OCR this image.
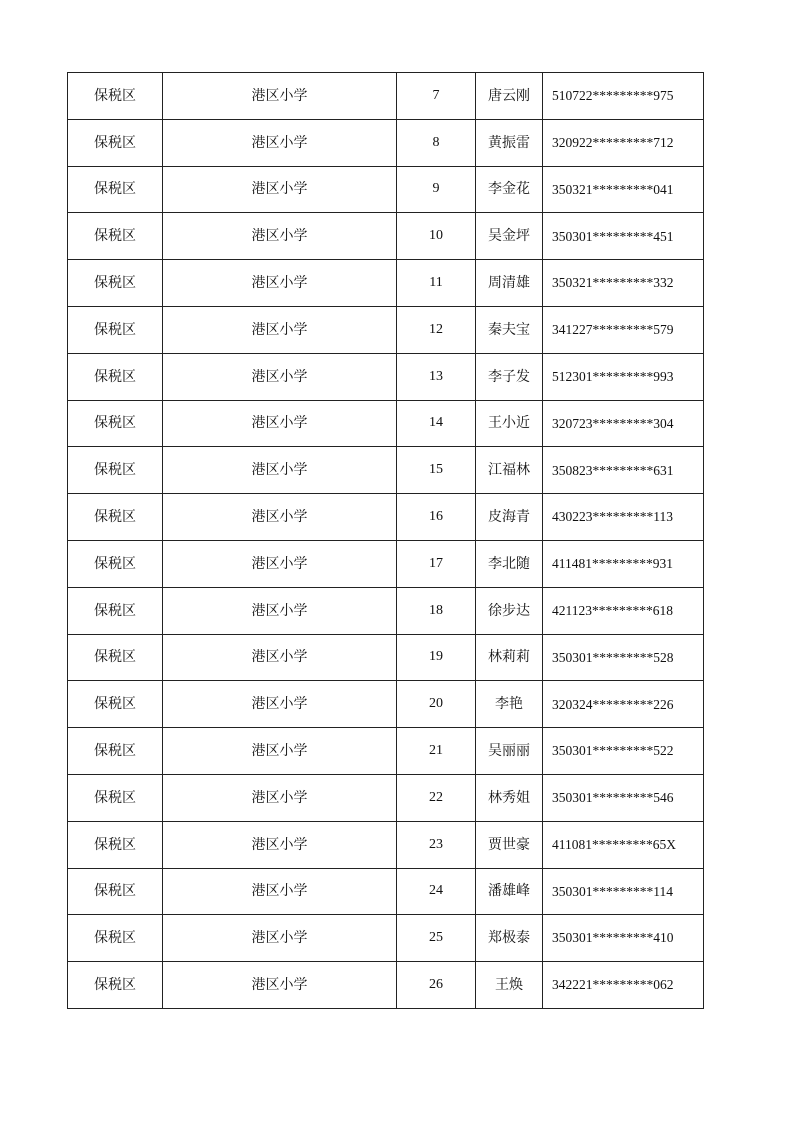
保税区	港区小学	7	唐云刚	510722*********975
保税区	港区小学	8	黄振雷	320922*********712
保税区	港区小学	9	李金花	350321*********041
保税区	港区小学	10	吴金坪	350301*********451
保税区	港区小学	11	周清雄	350321*********332
保税区	港区小学	12	秦夫宝	341227*********579
保税区	港区小学	13	李子发	512301*********993
保税区	港区小学	14	王小近	320723*********304
保税区	港区小学	15	江福林	350823*********631
保税区	港区小学	16	皮海青	430223*********113
保税区	港区小学	17	李北随	411481*********931
保税区	港区小学	18	徐步达	421123*********618
保税区	港区小学	19	林莉莉	350301*********528
保税区	港区小学	20	李艳	320324*********226
保税区	港区小学	21	吴丽丽	350301*********522
保税区	港区小学	22	林秀姐	350301*********546
保税区	港区小学	23	贾世豪	411081*********65X
保税区	港区小学	24	潘雄峰	350301*********114
保税区	港区小学	25	郑极泰	350301*********410
保税区	港区小学	26	王焕	342221*********062
